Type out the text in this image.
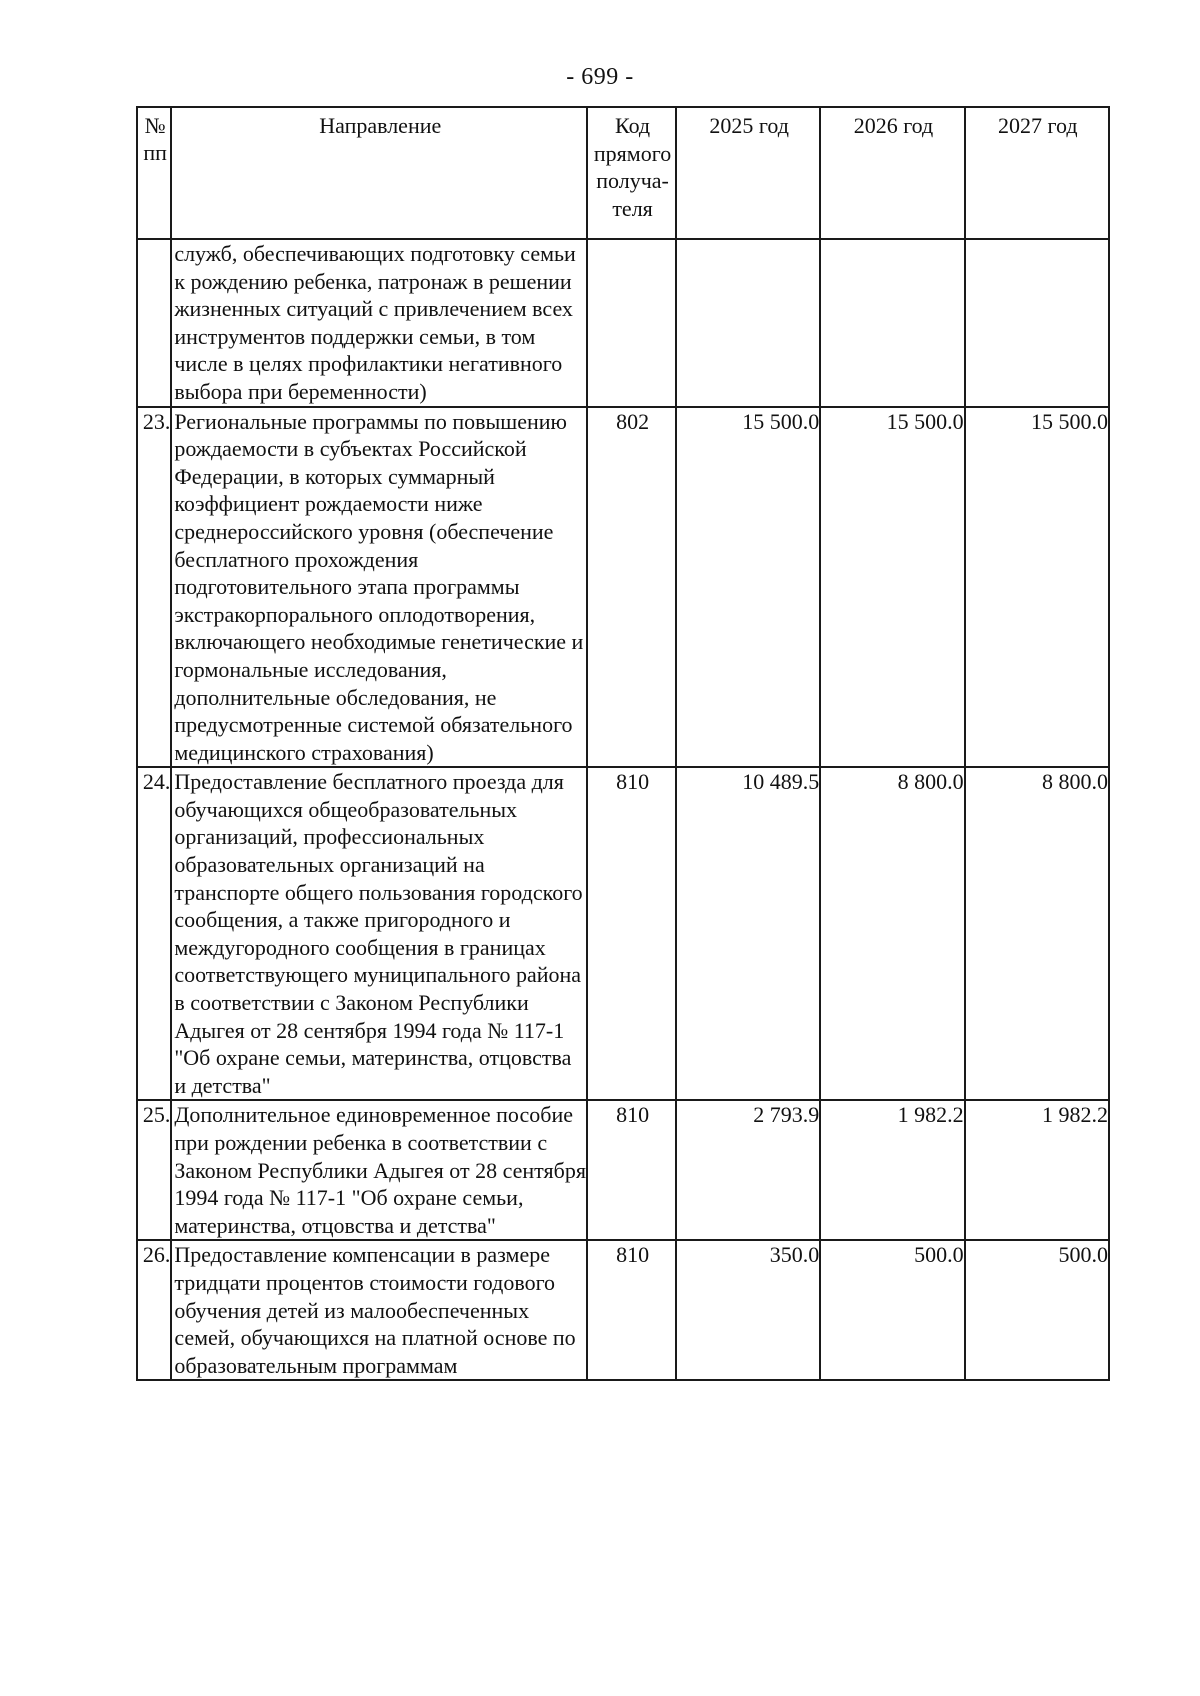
- 699 -
№ пп	Направление	Код прямого получа-теля	2025 год	2026 год	2027 год
	служб, обеспечивающих подготовку семьи к рождению ребенка, патронаж в решении жизненных ситуаций с привлечением всех инструментов поддержки семьи, в том числе в целях профилактики негативного выбора при беременности)				
23.	Региональные программы по повышению рождаемости в субъектах Российской Федерации, в которых суммарный коэффициент рождаемости ниже среднероссийского уровня (обеспечение бесплатного прохождения подготовительного этапа программы экстракорпорального оплодотворения, включающего необходимые генетические и гормональные исследования, дополнительные обследования, не предусмотренные системой обязательного медицинского страхования)	802	15 500.0	15 500.0	15 500.0
24.	Предоставление бесплатного проезда для обучающихся общеобразовательных организаций, профессиональных образовательных организаций на транспорте общего пользования городского сообщения, а также пригородного и междугородного сообщения в границах соответствующего муниципального района в соответствии с Законом Республики Адыгея от 28 сентября 1994 года № 117-1 "Об охране семьи, материнства, отцовства и детства"	810	10 489.5	8 800.0	8 800.0
25.	Дополнительное единовременное пособие при рождении ребенка в соответствии с Законом Республики Адыгея от 28 сентября 1994 года № 117-1 "Об охране семьи, материнства, отцовства и детства"	810	2 793.9	1 982.2	1 982.2
26.	Предоставление компенсации в размере тридцати процентов стоимости годового обучения детей из малообеспеченных семей, обучающихся на платной основе по образовательным программам	810	350.0	500.0	500.0
